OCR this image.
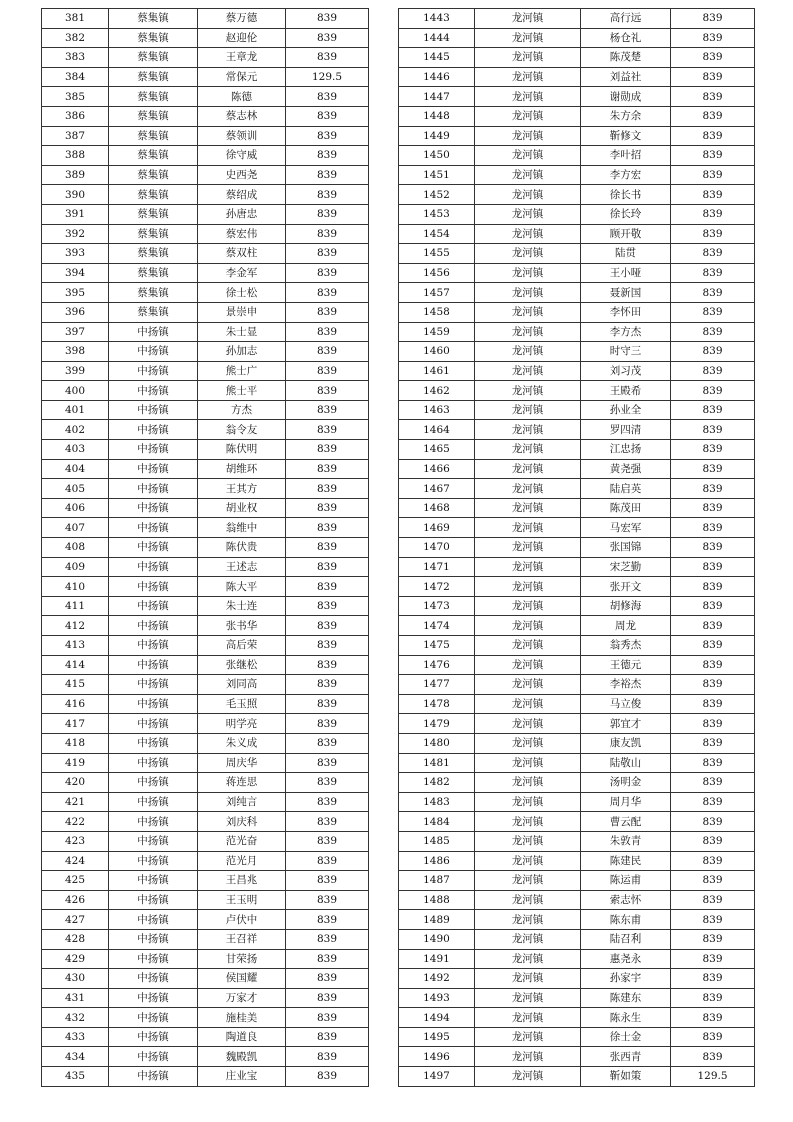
381	蔡集镇	蔡万德	839
382	蔡集镇	赵迎伦	839
383	蔡集镇	王章龙	839
384	蔡集镇	常保元	129.5
385	蔡集镇	陈德	839
386	蔡集镇	蔡志林	839
387	蔡集镇	蔡领训	839
388	蔡集镇	徐守威	839
389	蔡集镇	史西尧	839
390	蔡集镇	蔡绍成	839
391	蔡集镇	孙唐忠	839
392	蔡集镇	蔡宏伟	839
393	蔡集镇	蔡双柱	839
394	蔡集镇	李金军	839
395	蔡集镇	徐士松	839
396	蔡集镇	景崇申	839
397	中扬镇	朱士显	839
398	中扬镇	孙加志	839
399	中扬镇	熊士广	839
400	中扬镇	熊士平	839
401	中扬镇	方杰	839
402	中扬镇	翁令友	839
403	中扬镇	陈伏明	839
404	中扬镇	胡维环	839
405	中扬镇	王其方	839
406	中扬镇	胡业权	839
407	中扬镇	翁维中	839
408	中扬镇	陈伏贵	839
409	中扬镇	王述志	839
410	中扬镇	陈大平	839
411	中扬镇	朱士连	839
412	中扬镇	张书华	839
413	中扬镇	高后荣	839
414	中扬镇	张继松	839
415	中扬镇	刘同高	839
416	中扬镇	毛玉照	839
417	中扬镇	明学亮	839
418	中扬镇	朱义成	839
419	中扬镇	周庆华	839
420	中扬镇	蒋连思	839
421	中扬镇	刘纯言	839
422	中扬镇	刘庆科	839
423	中扬镇	范光奋	839
424	中扬镇	范光月	839
425	中扬镇	王昌兆	839
426	中扬镇	王玉明	839
427	中扬镇	卢伏中	839
428	中扬镇	王召祥	839
429	中扬镇	甘荣扬	839
430	中扬镇	侯国耀	839
431	中扬镇	万家才	839
432	中扬镇	施桂美	839
433	中扬镇	陶道良	839
434	中扬镇	魏殿凯	839
435	中扬镇	庄业宝	839
1443	龙河镇	高行远	839
1444	龙河镇	杨仓礼	839
1445	龙河镇	陈茂楚	839
1446	龙河镇	刘益社	839
1447	龙河镇	谢勋成	839
1448	龙河镇	朱方余	839
1449	龙河镇	靳修文	839
1450	龙河镇	李叶招	839
1451	龙河镇	李方宏	839
1452	龙河镇	徐长书	839
1453	龙河镇	徐长玲	839
1454	龙河镇	顾开敬	839
1455	龙河镇	陆贯	839
1456	龙河镇	王小哑	839
1457	龙河镇	聂新国	839
1458	龙河镇	李怀田	839
1459	龙河镇	李方杰	839
1460	龙河镇	时守三	839
1461	龙河镇	刘习茂	839
1462	龙河镇	王殿希	839
1463	龙河镇	孙业全	839
1464	龙河镇	罗四清	839
1465	龙河镇	江忠扬	839
1466	龙河镇	黄尧强	839
1467	龙河镇	陆启英	839
1468	龙河镇	陈茂田	839
1469	龙河镇	马宏军	839
1470	龙河镇	张国锦	839
1471	龙河镇	宋芝勤	839
1472	龙河镇	张开文	839
1473	龙河镇	胡修海	839
1474	龙河镇	周龙	839
1475	龙河镇	翁秀杰	839
1476	龙河镇	王德元	839
1477	龙河镇	李裕杰	839
1478	龙河镇	马立俊	839
1479	龙河镇	郭宜才	839
1480	龙河镇	康友凯	839
1481	龙河镇	陆敬山	839
1482	龙河镇	汤明金	839
1483	龙河镇	周月华	839
1484	龙河镇	曹云配	839
1485	龙河镇	朱敦青	839
1486	龙河镇	陈建民	839
1487	龙河镇	陈运甫	839
1488	龙河镇	索志怀	839
1489	龙河镇	陈东甫	839
1490	龙河镇	陆召利	839
1491	龙河镇	惠尧永	839
1492	龙河镇	孙家宇	839
1493	龙河镇	陈建东	839
1494	龙河镇	陈永生	839
1495	龙河镇	徐士金	839
1496	龙河镇	张西青	839
1497	龙河镇	靳如策	129.5
